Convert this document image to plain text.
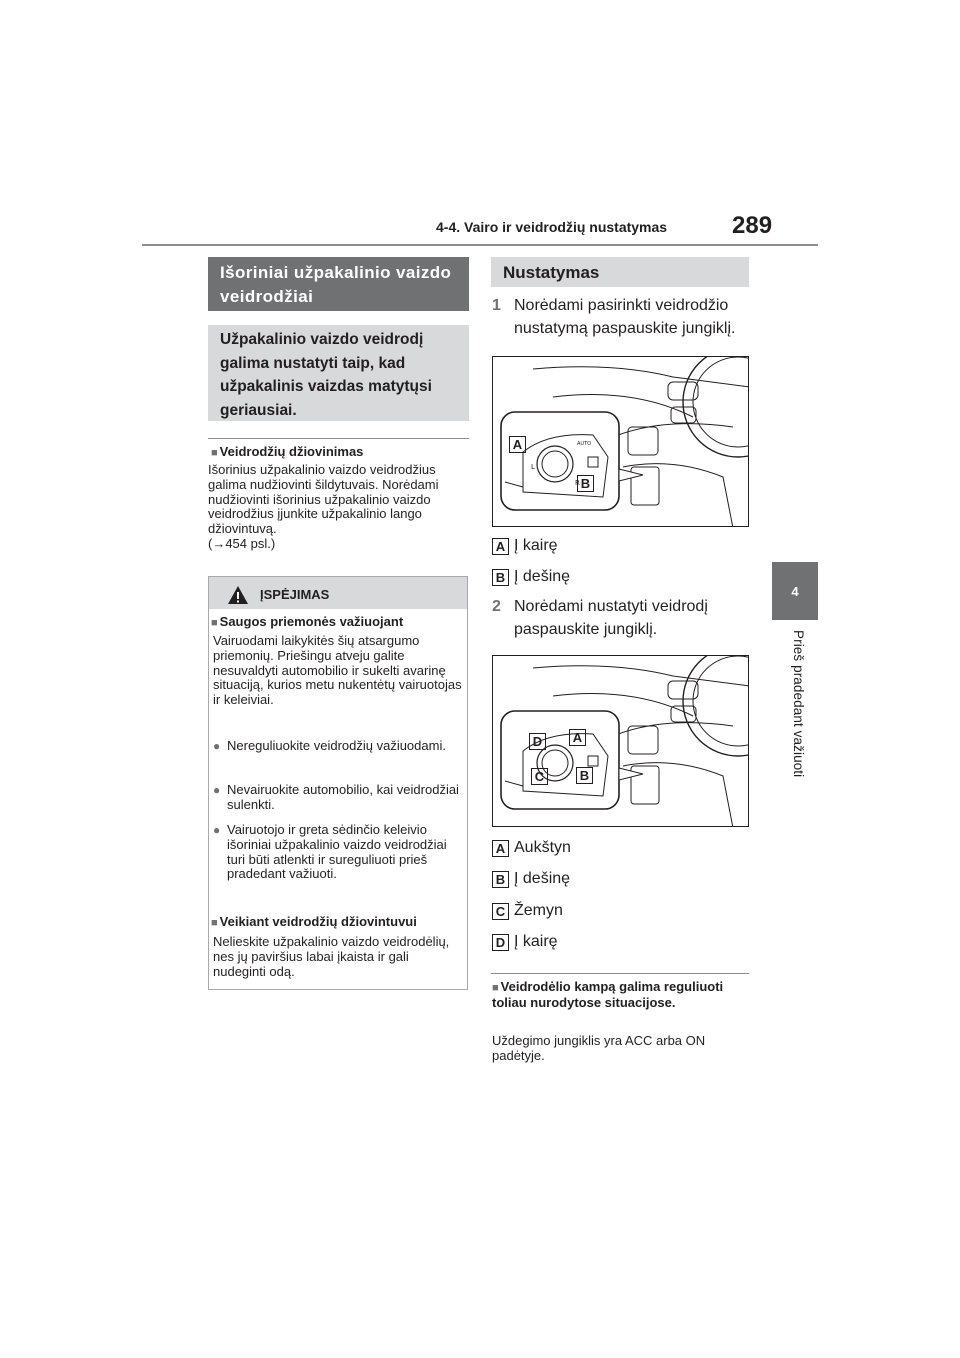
4-4. Vairo ir veidrodžių nustatymas	289
4
Prieš pradedant važiuoti
Išoriniai užpakalinio vaizdo veidrodžiai
Užpakalinio vaizdo veidrodį galima nustatyti taip, kad užpakalinis vaizdas matytųsi geriausiai.
■ Veidrodžių džiovinimas
Išorinius užpakalinio vaizdo veidrodžius galima nudžiovinti šildytuvais. Norėdami nudžiovinti išorinius užpakalinio vaizdo veidrodžius įjunkite užpakalinio lango džiovintuvą.
(→454 psl.)
ĮSPĖJIMAS
■ Saugos priemonės važiuojant
Vairuodami laikykitės šių atsargumo priemonių. Priešingu atveju galite nesuvaldyti automobilio ir sukelti avarinę situaciją, kurios metu nukentėtų vairuotojas ir keleiviai.
● Nereguliuokite veidrodžių važiuodami.
● Nevairuokite automobilio, kai veidrodžiai sulenkti.
● Vairuotojo ir greta sėdinčio keleivio išoriniai užpakalinio vaizdo veidrodžiai turi būti atlenkti ir sureguliuoti prieš pradedant važiuoti.
■ Veikiant veidrodžių džiovintuvui
Nelieskite užpakalinio vaizdo veidrodėlių, nes jų paviršius labai įkaista ir gali nudeginti odą.
Nustatymas
1 Norėdami pasirinkti veidrodžio nustatymą paspauskite jungiklį.
L
R
AUTO
A
B
A Į kairę
B Į dešinę
2 Norėdami nustatyti veidrodį paspauskite jungiklį.
D A
C	B
A Aukštyn
B Į dešinę
C Žemyn
D Į kairę
■ Veidrodėlio kampą galima reguliuoti toliau nurodytose situacijose.
Uždegimo jungiklis yra ACC arba ON padėtyje.
